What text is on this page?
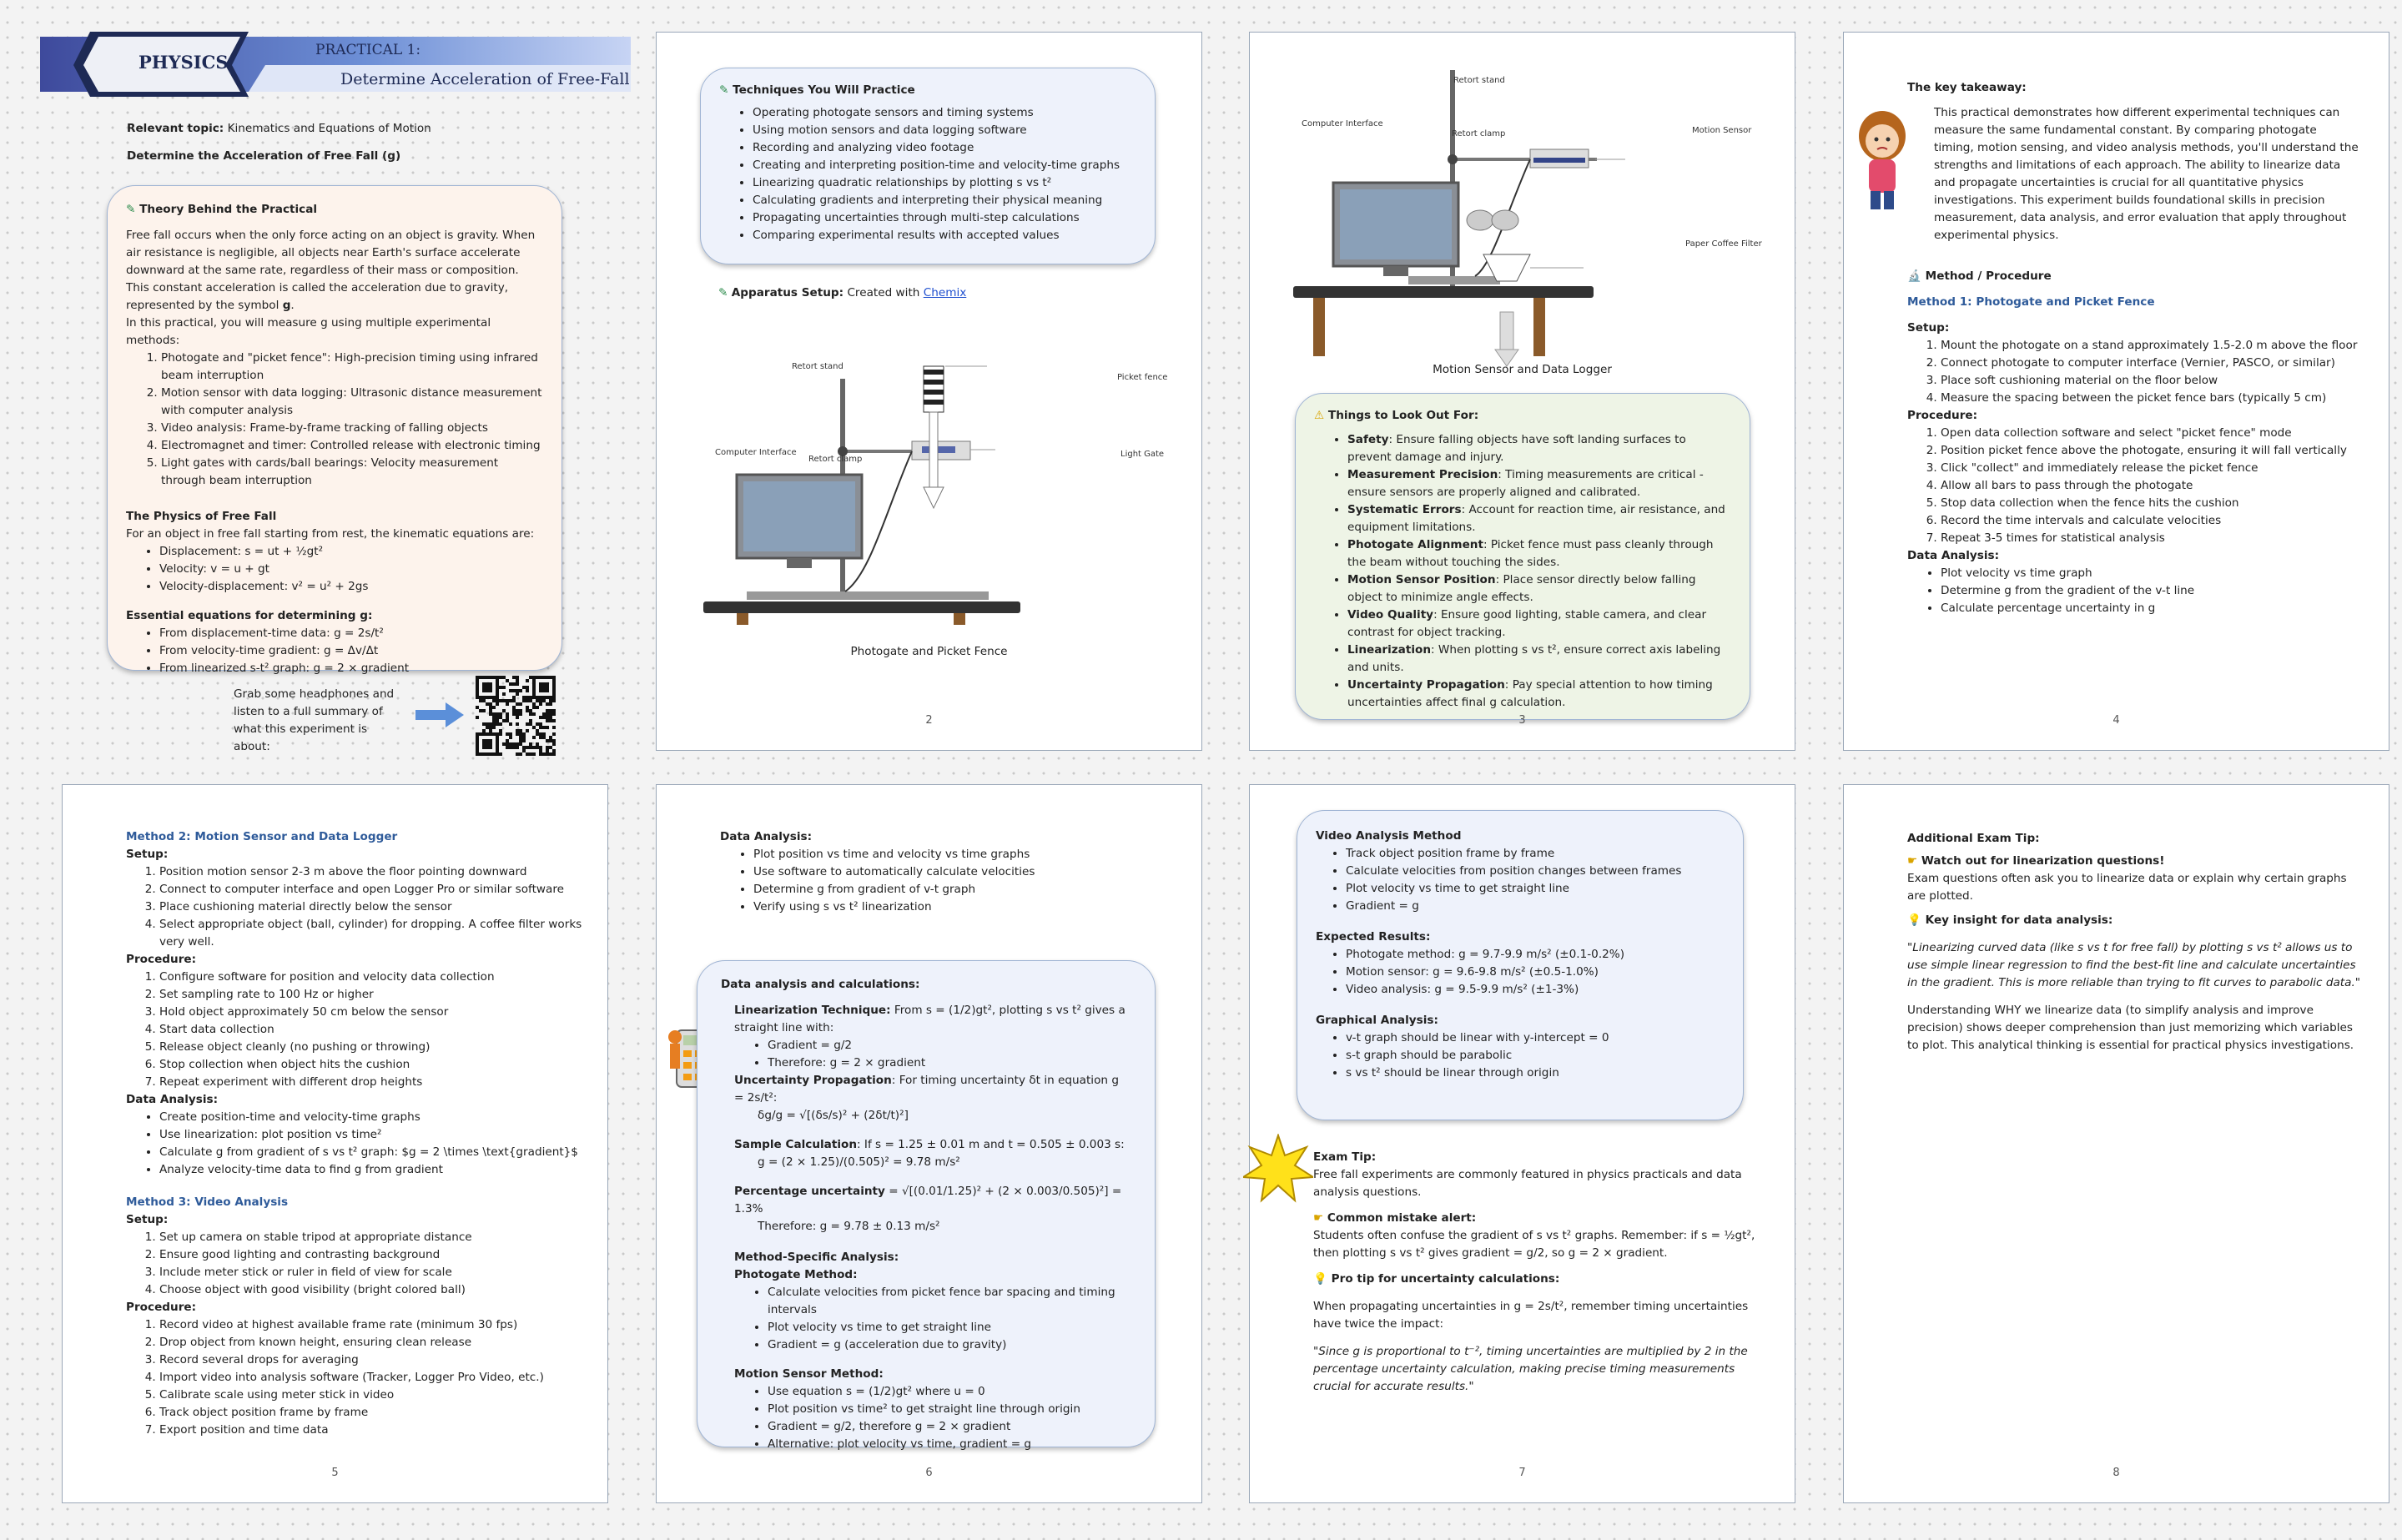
PHYSICS
PRACTICAL 1:
Determine Acceleration of Free-Fall
Relevant topic: Kinematics and Equations of Motion
Determine the Acceleration of Free Fall (g)
✎ Theory Behind the Practical
Free fall occurs when the only force acting on an object is gravity. When air resistance is negligible, all objects near Earth's surface accelerate downward at the same rate, regardless of their mass or composition. This constant acceleration is called the acceleration due to gravity, represented by the symbol g.
In this practical, you will measure g using multiple experimental methods:
1. Photogate and "picket fence": High-precision timing using infrared beam interruption
2. Motion sensor with data logging: Ultrasonic distance measurement with computer analysis
3. Video analysis: Frame-by-frame tracking of falling objects
4. Electromagnet and timer: Controlled release with electronic timing
5. Light gates with cards/ball bearings: Velocity measurement through beam interruption
The Physics of Free Fall
For an object in free fall starting from rest, the kinematic equations are:
• Displacement: s = ut + ½gt²
• Velocity: v = u + gt
• Velocity-displacement: v² = u² + 2gs
Essential equations for determining g:
• From displacement-time data: g = 2s/t²
• From velocity-time gradient: g = Δv/Δt
• From linearized s-t² graph: g = 2 × gradient
Grab some headphones and listen to a full summary of what this experiment is about:
✎ Techniques You Will Practice
• Operating photogate sensors and timing systems
• Using motion sensors and data logging software
• Recording and analyzing video footage
• Creating and interpreting position-time and velocity-time graphs
• Linearizing quadratic relationships by plotting s vs t²
• Calculating gradients and interpreting their physical meaning
• Propagating uncertainties through multi-step calculations
• Comparing experimental results with accepted values
✎ Apparatus Setup: Created with Chemix
Retort stand
Picket fence
Computer Interface
Retort clamp
Light Gate
Photogate and Picket Fence
2
Retort stand
Computer Interface
Retort clamp	Motion Sensor
Paper Coffee Filter
Motion Sensor and Data Logger
⚠ Things to Look Out For:
• Safety: Ensure falling objects have soft landing surfaces to prevent damage and injury.
• Measurement Precision: Timing measurements are critical - ensure sensors are properly aligned and calibrated.
• Systematic Errors: Account for reaction time, air resistance, and equipment limitations.
• Photogate Alignment: Picket fence must pass cleanly through the beam without touching the sides.
• Motion Sensor Position: Place sensor directly below falling object to minimize angle effects.
• Video Quality: Ensure good lighting, stable camera, and clear contrast for object tracking.
• Linearization: When plotting s vs t², ensure correct axis labeling and units.
• Uncertainty Propagation: Pay special attention to how timing uncertainties affect final g calculation.
3
The key takeaway:
This practical demonstrates how different experimental techniques can measure the same fundamental constant. By comparing photogate timing, motion sensing, and video analysis methods, you'll understand the strengths and limitations of each approach. The ability to linearize data and propagate uncertainties is crucial for all quantitative physics investigations. This experiment builds foundational skills in precision measurement, data analysis, and error evaluation that apply throughout experimental physics.
🔬 Method / Procedure
Method 1: Photogate and Picket Fence
Setup:
1. Mount the photogate on a stand approximately 1.5-2.0 m above the floor
2. Connect photogate to computer interface (Vernier, PASCO, or similar)
3. Place soft cushioning material on the floor below
4. Measure the spacing between the picket fence bars (typically 5 cm)
Procedure:
1. Open data collection software and select "picket fence" mode
2. Position picket fence above the photogate, ensuring it will fall vertically
3. Click "collect" and immediately release the picket fence
4. Allow all bars to pass through the photogate
5. Stop data collection when the fence hits the cushion
6. Record the time intervals and calculate velocities
7. Repeat 3-5 times for statistical analysis
Data Analysis:
• Plot velocity vs time graph
• Determine g from the gradient of the v-t line
• Calculate percentage uncertainty in g
4
Method 2: Motion Sensor and Data Logger
Setup:
1. Position motion sensor 2-3 m above the floor pointing downward
2. Connect to computer interface and open Logger Pro or similar software
3. Place cushioning material directly below the sensor
4. Select appropriate object (ball, cylinder) for dropping. A coffee filter works very well.
Procedure:
1. Configure software for position and velocity data collection
2. Set sampling rate to 100 Hz or higher
3. Hold object approximately 50 cm below the sensor
4. Start data collection
5. Release object cleanly (no pushing or throwing)
6. Stop collection when object hits the cushion
7. Repeat experiment with different drop heights
Data Analysis:
• Create position-time and velocity-time graphs
• Use linearization: plot position vs time²
• Calculate g from gradient of s vs t² graph: $g = 2 \times \text{gradient}$
• Analyze velocity-time data to find g from gradient
Method 3: Video Analysis
Setup:
1. Set up camera on stable tripod at appropriate distance
2. Ensure good lighting and contrasting background
3. Include meter stick or ruler in field of view for scale
4. Choose object with good visibility (bright colored ball)
Procedure:
1. Record video at highest available frame rate (minimum 30 fps)
2. Drop object from known height, ensuring clean release
3. Record several drops for averaging
4. Import video into analysis software (Tracker, Logger Pro Video, etc.)
5. Calibrate scale using meter stick in video
6. Track object position frame by frame
7. Export position and time data
5
Data Analysis:
• Plot position vs time and velocity vs time graphs
• Use software to automatically calculate velocities
• Determine g from gradient of v-t graph
• Verify using s vs t² linearization
Data analysis and calculations:
Linearization Technique: From s = (1/2)gt², plotting s vs t² gives a straight line with:
• Gradient = g/2
• Therefore: g = 2 × gradient
Uncertainty Propagation: For timing uncertainty δt in equation g = 2s/t²:
δg/g = √[(δs/s)² + (2δt/t)²]
Sample Calculation: If s = 1.25 ± 0.01 m and t = 0.505 ± 0.003 s:
g = (2 × 1.25)/(0.505)² = 9.78 m/s²
Percentage uncertainty = √[(0.01/1.25)² + (2 × 0.003/0.505)²] = 1.3%
Therefore: g = 9.78 ± 0.13 m/s²
Method-Specific Analysis:
Photogate Method:
• Calculate velocities from picket fence bar spacing and timing intervals
• Plot velocity vs time to get straight line
• Gradient = g (acceleration due to gravity)
Motion Sensor Method:
• Use equation s = (1/2)gt² where u = 0
• Plot position vs time² to get straight line through origin
• Gradient = g/2, therefore g = 2 × gradient
• Alternative: plot velocity vs time, gradient = g
6
Video Analysis Method
• Track object position frame by frame
• Calculate velocities from position changes between frames
• Plot velocity vs time to get straight line
• Gradient = g
Expected Results:
• Photogate method: g = 9.7-9.9 m/s² (±0.1-0.2%)
• Motion sensor: g = 9.6-9.8 m/s² (±0.5-1.0%)
• Video analysis: g = 9.5-9.9 m/s² (±1-3%)
Graphical Analysis:
• v-t graph should be linear with y-intercept = 0
• s-t graph should be parabolic
• s vs t² should be linear through origin
Exam Tip:
Free fall experiments are commonly featured in physics practicals and data analysis questions.
☛ Common mistake alert:
Students often confuse the gradient of s vs t² graphs. Remember: if s = ½gt², then plotting s vs t² gives gradient = g/2, so g = 2 × gradient.
💡 Pro tip for uncertainty calculations:
When propagating uncertainties in g = 2s/t², remember timing uncertainties have twice the impact:
"Since g is proportional to t⁻², timing uncertainties are multiplied by 2 in the percentage uncertainty calculation, making precise timing measurements crucial for accurate results."
7
Additional Exam Tip:
☛ Watch out for linearization questions!
Exam questions often ask you to linearize data or explain why certain graphs are plotted.
💡 Key insight for data analysis:
"Linearizing curved data (like s vs t for free fall) by plotting s vs t² allows us to use simple linear regression to find the best-fit line and calculate uncertainties in the gradient. This is more reliable than trying to fit curves to parabolic data."
Understanding WHY we linearize data (to simplify analysis and improve precision) shows deeper comprehension than just memorizing which variables to plot. This analytical thinking is essential for practical physics investigations.
8
